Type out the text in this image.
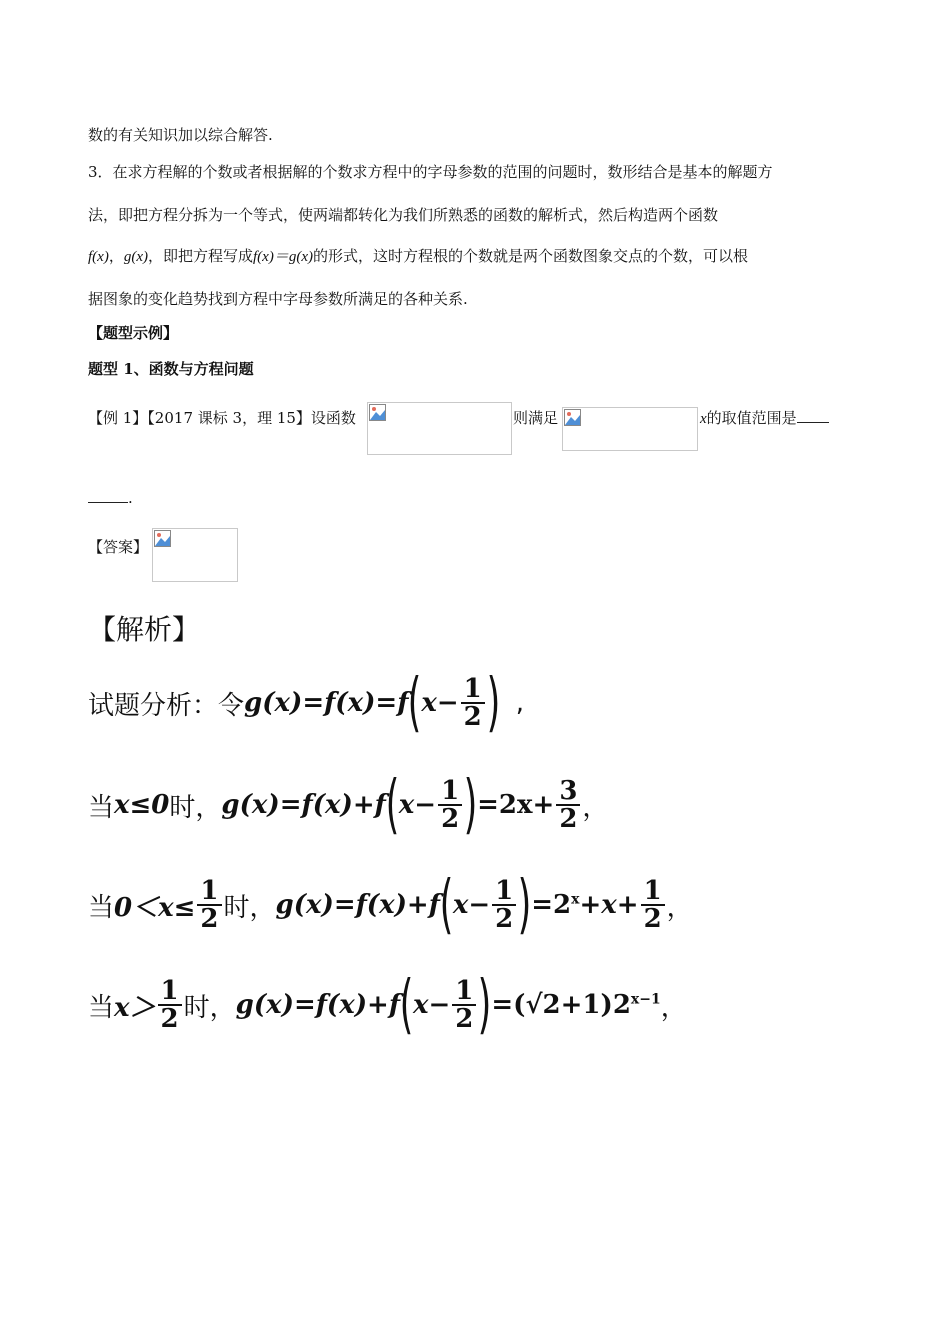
数的有关知识加以综合解答.
3．在求方程解的个数或者根据解的个数求方程中的字母参数的范围的问题时，数形结合是基本的解题方
法，即把方程分拆为一个等式，使两端都转化为我们所熟悉的函数的解析式，然后构造两个函数
f(x)，g(x)，即把方程写成f(x)＝g(x)的形式，这时方程根的个数就是两个函数图象交点的个数，可以根
据图象的变化趋势找到方程中字母参数所满足的各种关系.
【题型示例】
题型 1、函数与方程问题
【例 1】【2017 课标 3，理 15】设函数	则满足	x的取值范围是
.
【答案】
【解析】
试题分析：令 g(x) = f(x) = f ( $x- \frac{1}{2}$ ) ,
当 x≤0 时， g(x) = f(x) + f ( $x- \frac{1}{2}$ ) = $2x + \frac{3}{2}$ ，
当 $0<x\le \frac{1}{2}$ 时， g(x) = f(x) + f ( $x- \frac{1}{2}$ ) = $2^x + x + \frac{1}{2}$ ，
当 $x> \frac{1}{2}$ 时， g(x) = f(x) + f ( $x- \frac{1}{2}$ ) = (√2+1) $2^{x-1}$ ，
